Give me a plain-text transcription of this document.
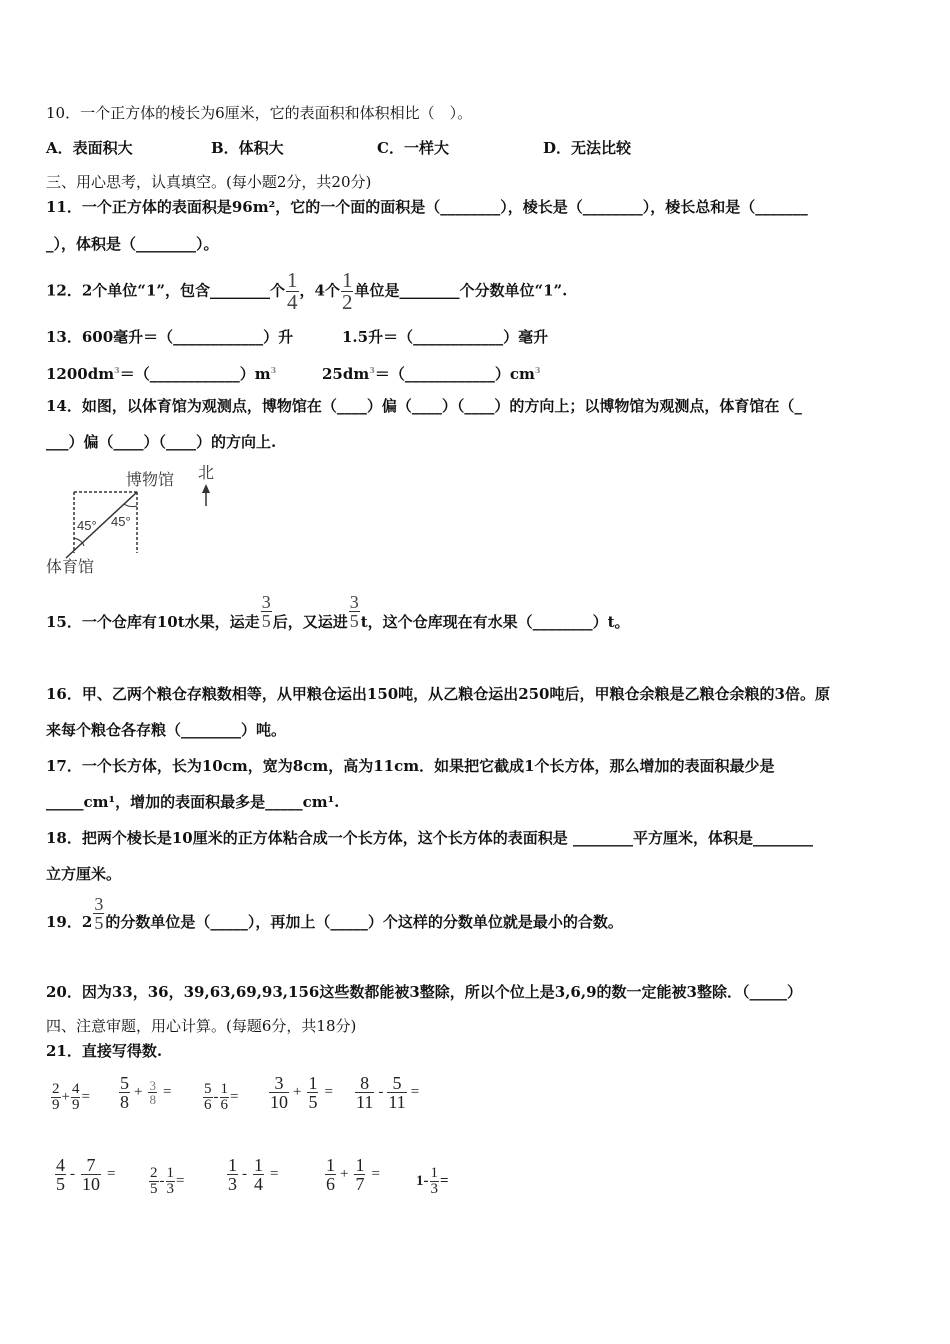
10．一个正方体的棱长为6厘米，它的表面积和体积相比（　）。
A．表面积大	B．体积大	C．一样大	D．无法比较
三、用心思考，认真填空。(每小题2分，共20分)
11．一个正方体的表面积是96m²，它的一个面的面积是（________），棱长是（________），棱长总和是（_______
_），体积是（________）。
12．2个单位“1”，包含________个 $\frac{1}{4}$ ，4个 $\frac{1}{2}$ 单位是________个分数单位“1”.
13．600毫升＝（____________）升	1.5升＝（____________）毫升
$1200dm^3=(\_\_\_\_\_\_\_\_\_\_\_\_)m^3$	$25dm^3=(\_\_\_\_\_\_\_\_\_\_\_\_)cm^3$
14．如图，以体育馆为观测点，博物馆在（____）偏（____）（____）的方向上；以博物馆为观测点，体育馆在（_
___）偏（____）（____）的方向上.
45° 45°
博物馆
体育馆
北
15．一个仓库有10t水果，运走 $\frac{3}{5}$ 后，又运进 $\frac{3}{5}$ t，这个仓库现在有水果（________）t。
16．甲、乙两个粮仓存粮数相等，从甲粮仓运出150吨，从乙粮仓运出250吨后，甲粮仓余粮是乙粮仓余粮的3倍。原
来每个粮仓各存粮（________）吨。
17．一个长方体，长为10cm，宽为8cm，高为11cm．如果把它截成1个长方体，那么增加的表面积最少是
_____cm¹，增加的表面积最多是_____cm¹.
18．把两个棱长是10厘米的正方体粘合成一个长方体，这个长方体的表面积是 ________平方厘米，体积是________
立方厘米。
19．$2 \frac{3}{5}$ 的分数单位是（_____），再加上（_____）个这样的分数单位就是最小的合数。
20．因为33，36，39,63,69,93,156这些数都能被3整除，所以个位上是3,6,9的数一定能被3整除．（_____）
四、注意审题，用心计算。(每题6分，共18分)
21．直接写得数.
$\frac{2}{9} + \frac{4}{9} = \frac{5}{8} + \frac{3}{8} = \frac{5}{6} - \frac{1}{6} = \frac{3}{10} + \frac{1}{5} = \frac{8}{11} - \frac{5}{11}$ =
$\frac{4}{5} - \frac{7}{10} = \frac{2}{5} - \frac{1}{3} = \frac{1}{3} - \frac{1}{4}$ =	$\frac{1}{6} + \frac{1}{7} = 1- \frac{1}{3}$ =
